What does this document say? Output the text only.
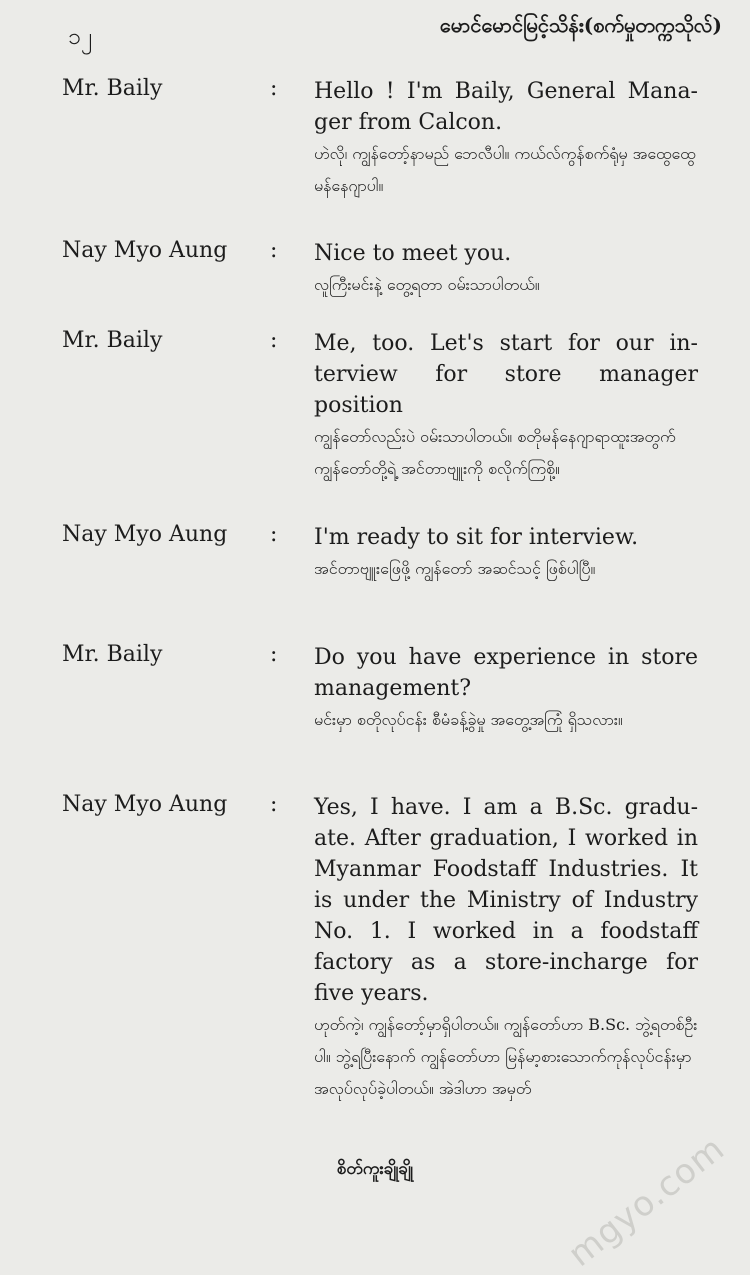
၁၂	မောင်မောင်မြင့်သိန်း(စက်မှုတက္ကသိုလ်)
Mr. Baily	: Hello ! I'm Baily, General Mana- ger from Calcon.

ဟဲလို၊ ကျွန်တော့်နာမည် ဘေလီပါ။ ကယ်လ်ကွန်စက်ရုံမှ အထွေထွေမန်နေဂျာပါ။

Nay Myo Aung : Nice to meet you.

လူကြီးမင်းနဲ့ တွေ့ရတာ ဝမ်းသာပါတယ်။

Mr. Baily	: Me, too. Let's start for our in- terview for store manager position

ကျွန်တော်လည်းပဲ ဝမ်းသာပါတယ်။ စတိုမန်နေဂျာရာထူးအတွက် ကျွန်တော်တို့ရဲ့ အင်တာဗျူးကို စလိုက်ကြစို့။

Nay Myo Aung : I'm ready to sit for interview.

အင်တာဗျူးဖြေဖို့ ကျွန်တော် အဆင်သင့် ဖြစ်ပါပြီ။

Mr. Baily	: Do you have experience in store management?

မင်းမှာ စတိုလုပ်ငန်း စီမံခန့်ခွဲမှု အတွေ့အကြုံ ရှိသလား။

Nay Myo Aung : Yes, I have. I am a B.Sc. gradu- ate. After graduation, I worked in Myanmar Foodstaff Industries. It is under the Ministry of Industry No. 1. I worked in a foodstaff factory as a store-incharge for five years.

ဟုတ်ကဲ့၊ ကျွန်တော့်မှာရှိပါတယ်။ ကျွန်တော်ဟာ B.Sc. ဘွဲ့ရတစ်ဦးပါ။ ဘွဲ့ရပြီးနောက် ကျွန်တော်ဟာ မြန်မာ့စားသောက်ကုန်လုပ်ငန်းမှာ အလုပ်လုပ်ခဲ့ပါတယ်။ အဲဒါဟာ အမှတ်

mgyo.com
စိတ်ကူးချိုချို
